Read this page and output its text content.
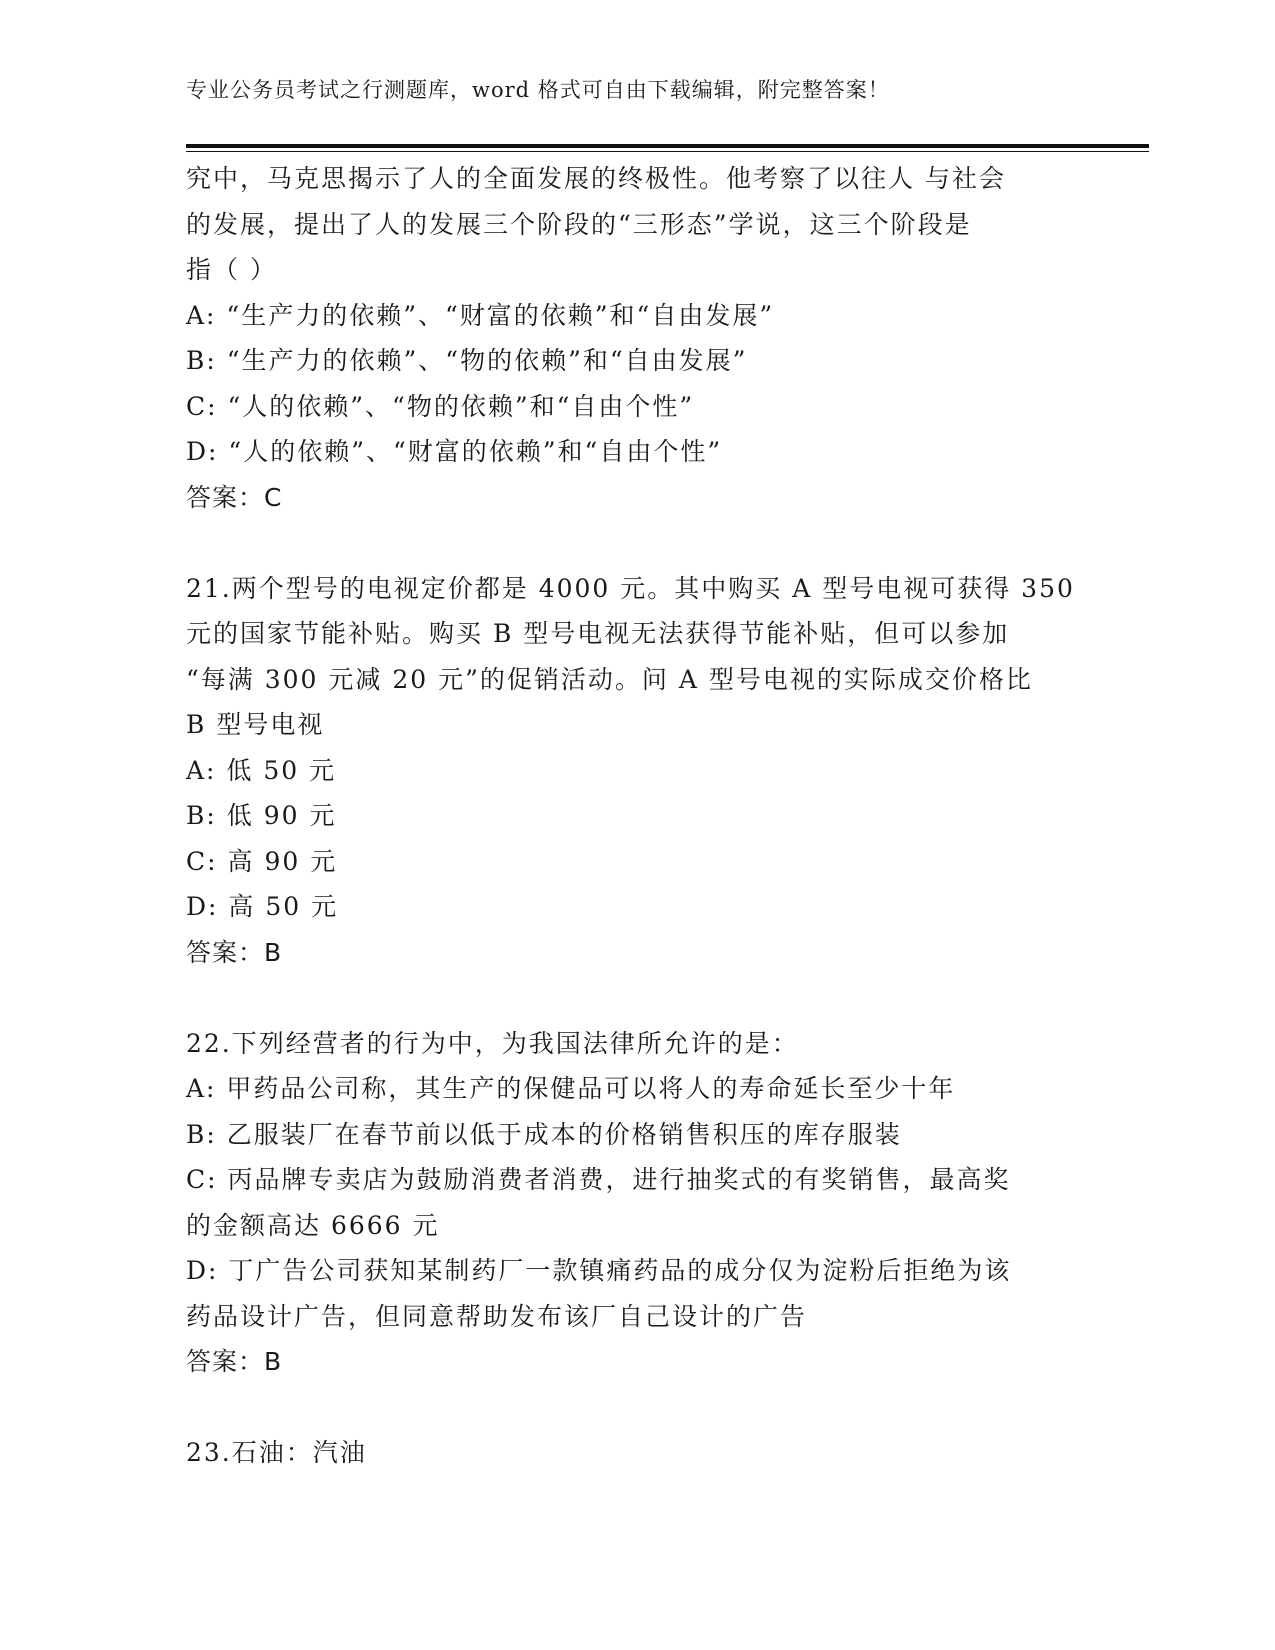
专业公务员考试之行测题库，word 格式可自由下载编辑，附完整答案！
究中，马克思揭示了人的全面发展的终极性。他考察了以往人 与社会
的发展，提出了人的发展三个阶段的“三形态”学说，这三个阶段是
指（ ）
A: “生产力的依赖”、“财富的依赖”和“自由发展”
B: “生产力的依赖”、“物的依赖”和“自由发展”
C: “人的依赖”、“物的依赖”和“自由个性”
D: “人的依赖”、“财富的依赖”和“自由个性”
答案：C
21.两个型号的电视定价都是 4000 元。其中购买 A 型号电视可获得 350
元的国家节能补贴。购买 B 型号电视无法获得节能补贴，但可以参加
“每满 300 元减 20 元”的促销活动。问 A 型号电视的实际成交价格比
B 型号电视
A: 低 50 元
B: 低 90 元
C: 高 90 元
D: 高 50 元
答案：B
22.下列经营者的行为中，为我国法律所允许的是：
A: 甲药品公司称，其生产的保健品可以将人的寿命延长至少十年
B: 乙服装厂在春节前以低于成本的价格销售积压的库存服装
C: 丙品牌专卖店为鼓励消费者消费，进行抽奖式的有奖销售，最高奖
的金额高达 6666 元
D: 丁广告公司获知某制药厂一款镇痛药品的成分仅为淀粉后拒绝为该
药品设计广告，但同意帮助发布该厂自己设计的广告
答案：B
23.石油：汽油
